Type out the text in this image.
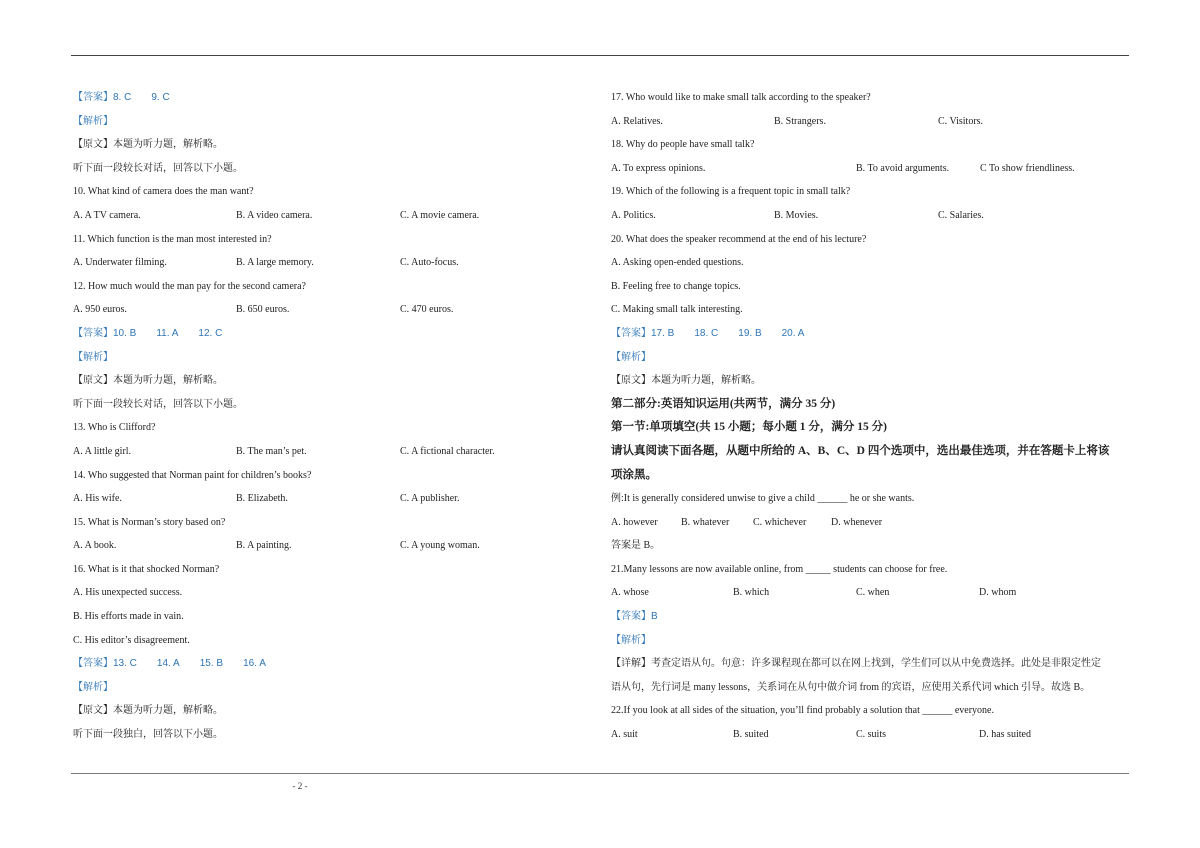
【答案】8. C 9. C
【解析】
【原文】本题为听力题，解析略。
听下面一段较长对话，回答以下小题。
10. What kind of camera does the man want?
A. A TV camera.	B. A video camera.	C. A movie camera.
11. Which function is the man most interested in?
A. Underwater filming.	B. A large memory.	C. Auto-focus.
12. How much would the man pay for the second camera?
A. 950 euros.	B. 650 euros.	C. 470 euros.
【答案】10. B 11. A 12. C
【解析】
【原文】本题为听力题，解析略。
听下面一段较长对话，回答以下小题。
13. Who is Clifford?
A. A little girl.	B. The man’s pet.	C. A fictional character.
14. Who suggested that Norman paint for children’s books?
A. His wife.	B. Elizabeth.	C. A publisher.
15. What is Norman’s story based on?
A. A book.	B. A painting.	C. A young woman.
16. What is it that shocked Norman?
A. His unexpected success.
B. His efforts made in vain.
C. His editor’s disagreement.
【答案】13. C 14. A 15. B 16. A
【解析】
【原文】本题为听力题，解析略。
听下面一段独白，回答以下小题。
17. Who would like to make small talk according to the speaker?
A. Relatives.	B. Strangers.	C. Visitors.
18. Why do people have small talk?
A. To express opinions.	B. To avoid arguments.	C To show friendliness.
19. Which of the following is a frequent topic in small talk?
A. Politics.	B. Movies.	C. Salaries.
20. What does the speaker recommend at the end of his lecture?
A. Asking open-ended questions.
B. Feeling free to change topics.
C. Making small talk interesting.
【答案】17. B 18. C 19. B 20. A
【解析】
【原文】本题为听力题，解析略。
第二部分:英语知识运用(共两节，满分 35 分)
第一节:单项填空(共 15 小题；每小题 1 分，满分 15 分)
请认真阅读下面各题，从题中所给的 A、B、C、D 四个选项中，选出最佳选项，并在答题卡上将该
项涂黑。
例:It is generally considered unwise to give a child ______ he or she wants.
A. however B. whatever C. whichever D. whenever
答案是 B。
21.Many lessons are now available online, from _____ students can choose for free.
A. whose	B. which	C. when	D. whom
【答案】B
【解析】
【详解】考查定语从句。句意：许多课程现在都可以在网上找到，学生们可以从中免费选择。此处是非限定性定
语从句，先行词是 many lessons，关系词在从句中做介词 from 的宾语，应使用关系代词 which 引导。故选 B。
22.If you look at all sides of the situation, you’ll find probably a solution that ______ everyone.
A. suit	B. suited	C. suits	D. has suited
- 2 -
